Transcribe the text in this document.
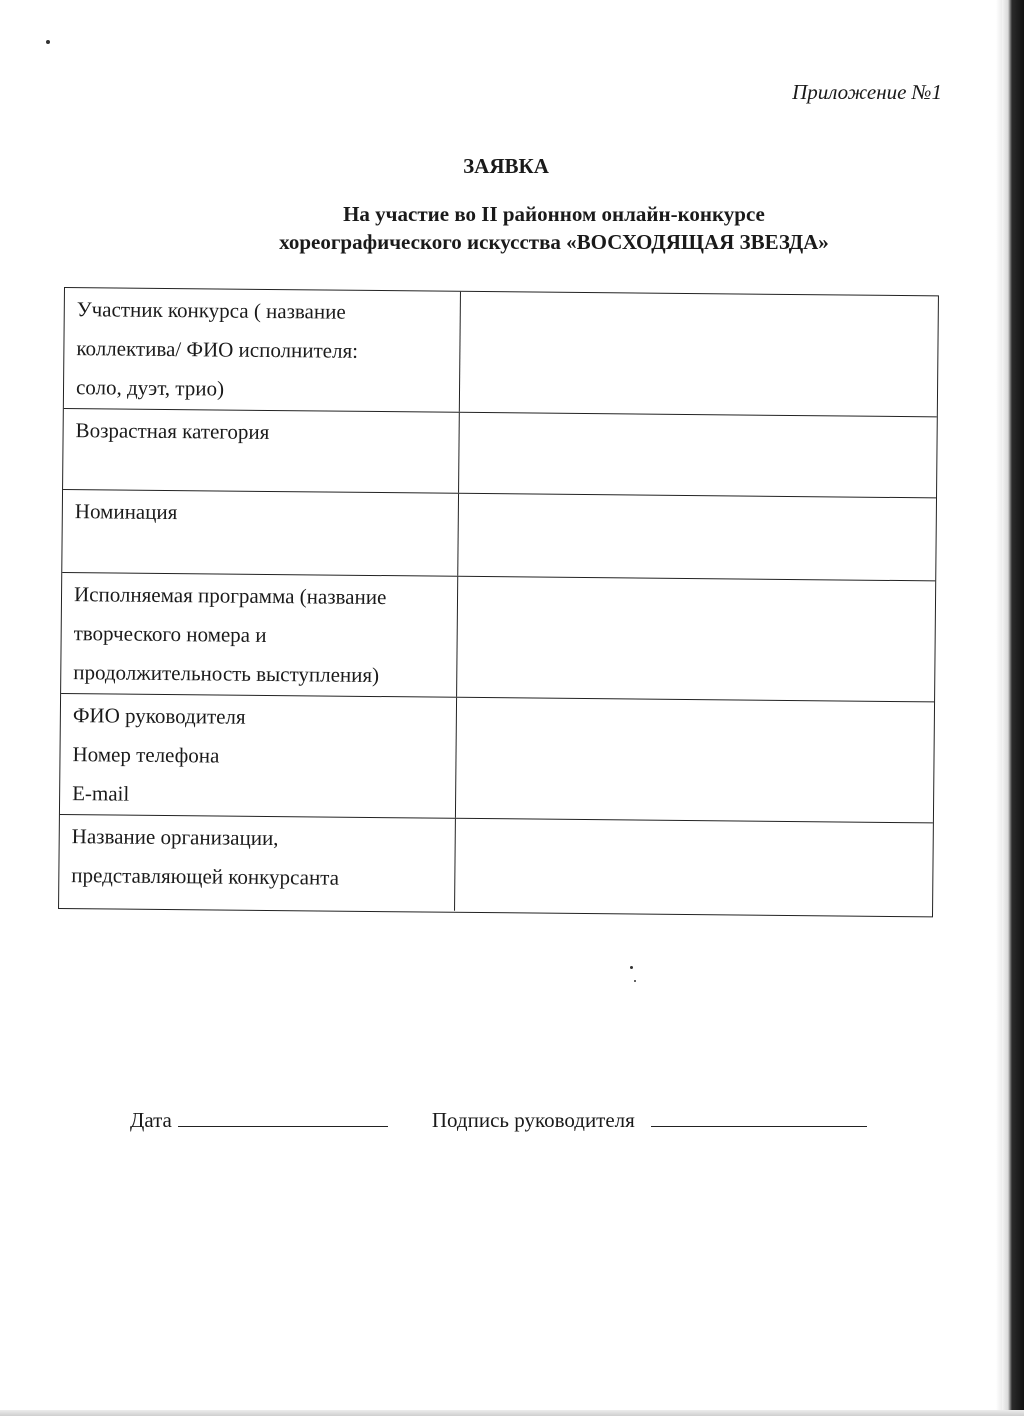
Приложение №1
ЗАЯВКА
На участие во II районном онлайн-конкурсе
хореографического искусства «ВОСХОДЯЩАЯ ЗВЕЗДА»
Участник конкурса ( название
коллектива/ ФИО исполнителя:
соло, дуэт, трио)
Возрастная категория
Номинация
Исполняемая программа (название
творческого номера и
продолжительность выступления)
ФИО руководителя
Номер телефона
E-mail
Название организации,
представляющей конкурсанта
Дата	Подпись руководителя
